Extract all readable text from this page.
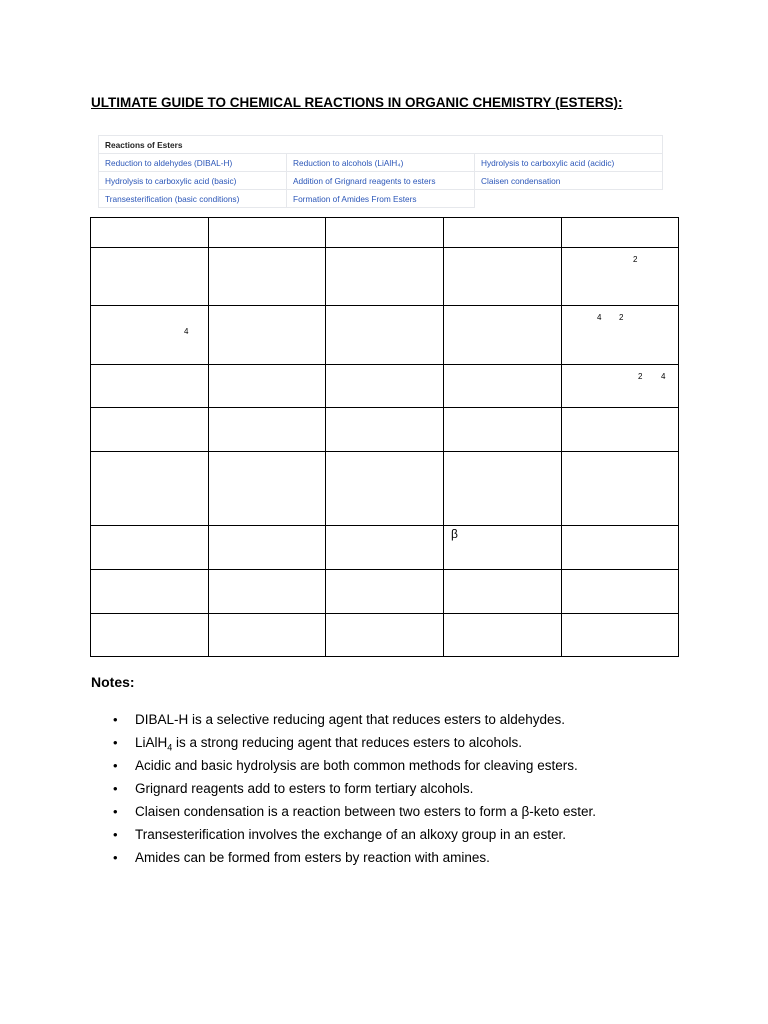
ULTIMATE GUIDE TO CHEMICAL REACTIONS IN ORGANIC CHEMISTRY (ESTERS):
Reactions of Esters		
Reduction to aldehydes (DIBAL-H)	Reduction to alcohols (LiAlH₄)	Hydrolysis to carboxylic acid (acidic)
Hydrolysis to carboxylic acid (basic)	Addition of Grignard reagents to esters	Claisen condensation
Transesterification (basic conditions)	Formation of Amides From Esters	

				2

4				4 2

				2 4

			β	

Notes:
• DIBAL-H is a selective reducing agent that reduces esters to aldehydes.
• LiAlH$_4$ is a strong reducing agent that reduces esters to alcohols.
• Acidic and basic hydrolysis are both common methods for cleaving esters.
• Grignard reagents add to esters to form tertiary alcohols.
• Claisen condensation is a reaction between two esters to form a β-keto ester.
• Transesterification involves the exchange of an alkoxy group in an ester.
• Amides can be formed from esters by reaction with amines.
